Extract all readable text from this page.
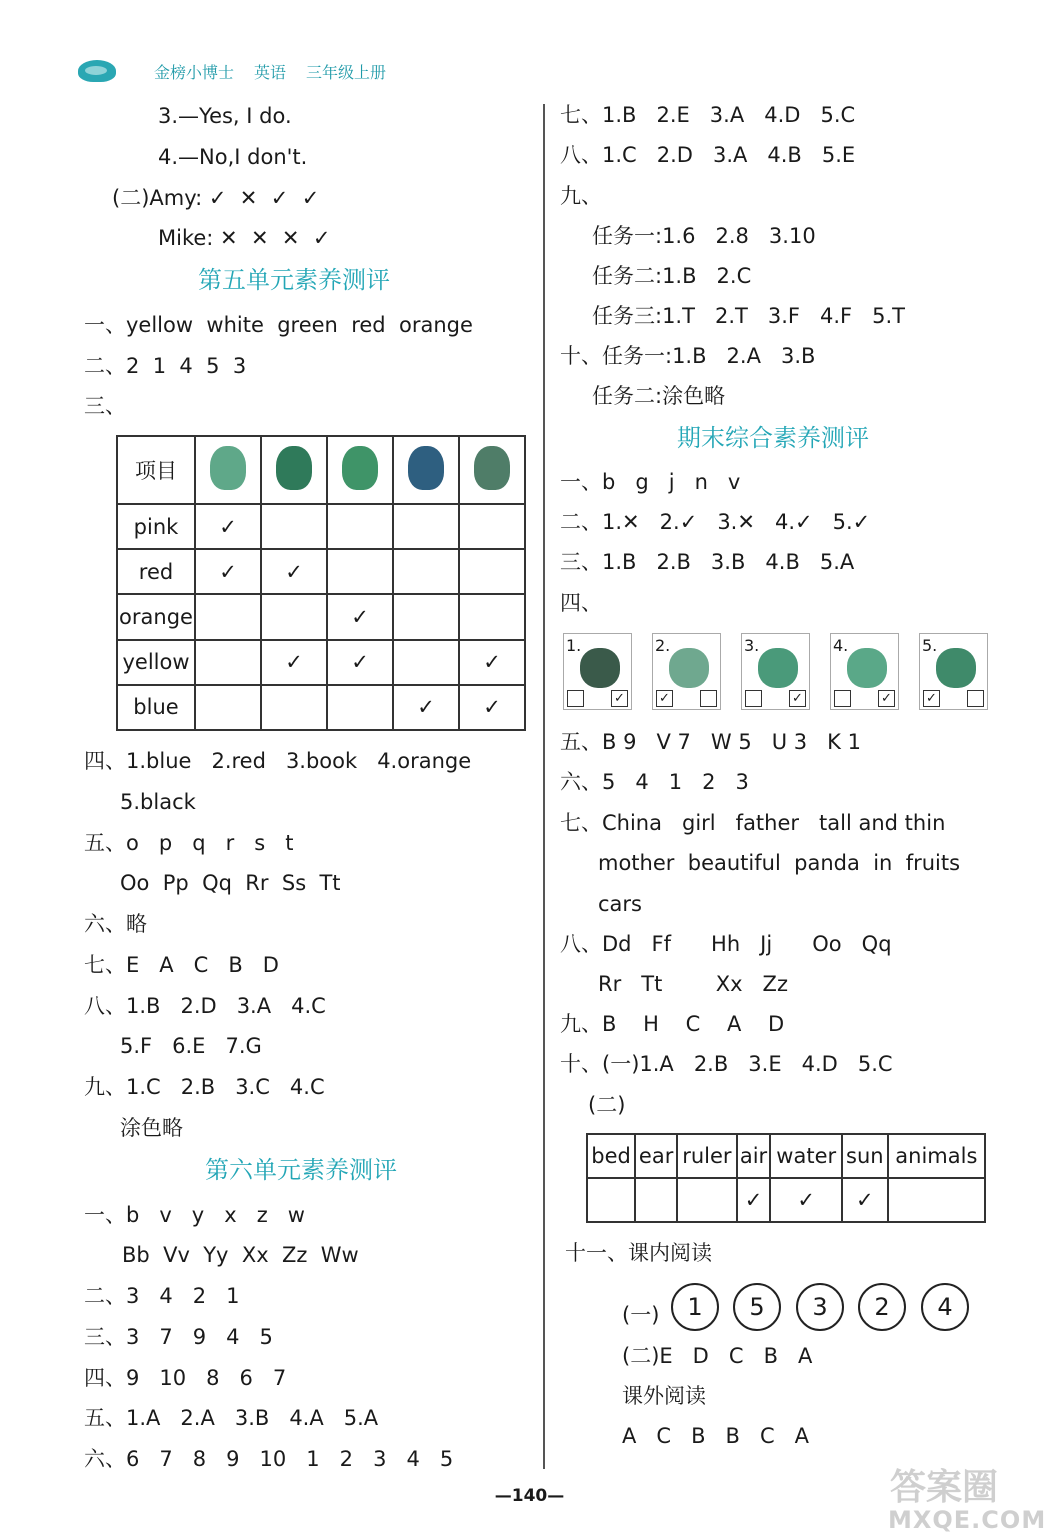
金榜小博士 英语 三年级上册
3.—Yes, I do.
4.—No,I don't.
(二)Amy: ✓  ✕  ✓  ✓
Mike: ✕  ✕  ✕  ✓
第五单元素养测评
一、yellow  white  green  red  orange
二、2  1  4  5  3
三、
项目					
pink	✓				
red	✓	✓			
orange			✓		
yellow		✓	✓		✓
blue				✓	✓
四、1.blue   2.red   3.book   4.orange
5.black
五、o   p   q   r   s   t
Oo  Pp  Qq  Rr  Ss  Tt
六、略
七、E   A   C   B   D
八、1.B   2.D   3.A   4.C
5.F   6.E   7.G
九、1.C   2.B   3.C   4.C
涂色略
第六单元素养测评
一、b   v   y   x   z   w
Bb  Vv  Yy  Xx  Zz  Ww
二、3   4   2   1
三、3   7   9   4   5
四、9   10   8   6   7
五、1.A   2.A   3.B   4.A   5.A
六、6   7   8   9   10   1   2   3   4   5
七、1.B   2.E   3.A   4.D   5.C
八、1.C   2.D   3.A   4.B   5.E
九、
任务一:1.6   2.8   3.10
任务二:1.B   2.C
任务三:1.T   2.T   3.F   4.F   5.T
十、任务一:1.B   2.A   3.B
任务二:涂色略
期末综合素养测评
一、b   g   j   n   v
二、1.✕   2.✓   3.✕   4.✓   5.✓
三、1.B   2.B   3.B   4.B   5.A
四、
1.
✓
2.
✓
3.
✓
4.
✓
5.
✓
五、B 9   V 7   W 5   U 3   K 1
六、5   4   1   2   3
七、China   girl   father   tall and thin
mother  beautiful  panda  in  fruits
cars
八、Dd   Ff      Hh   Jj      Oo   Qq
Rr   Tt        Xx   Zz
九、B    H    C    A    D
十、(一)1.A   2.B   3.E   4.D   5.C
(二)
bed	ear	ruler	air	water	sun	animals
			✓	✓	✓	
十一、课内阅读
(一)	1	5	3	2	4
(二)E   D   C   B   A
课外阅读
A   C   B   B   C   A
—140—	答案圈
MXQE.COM
